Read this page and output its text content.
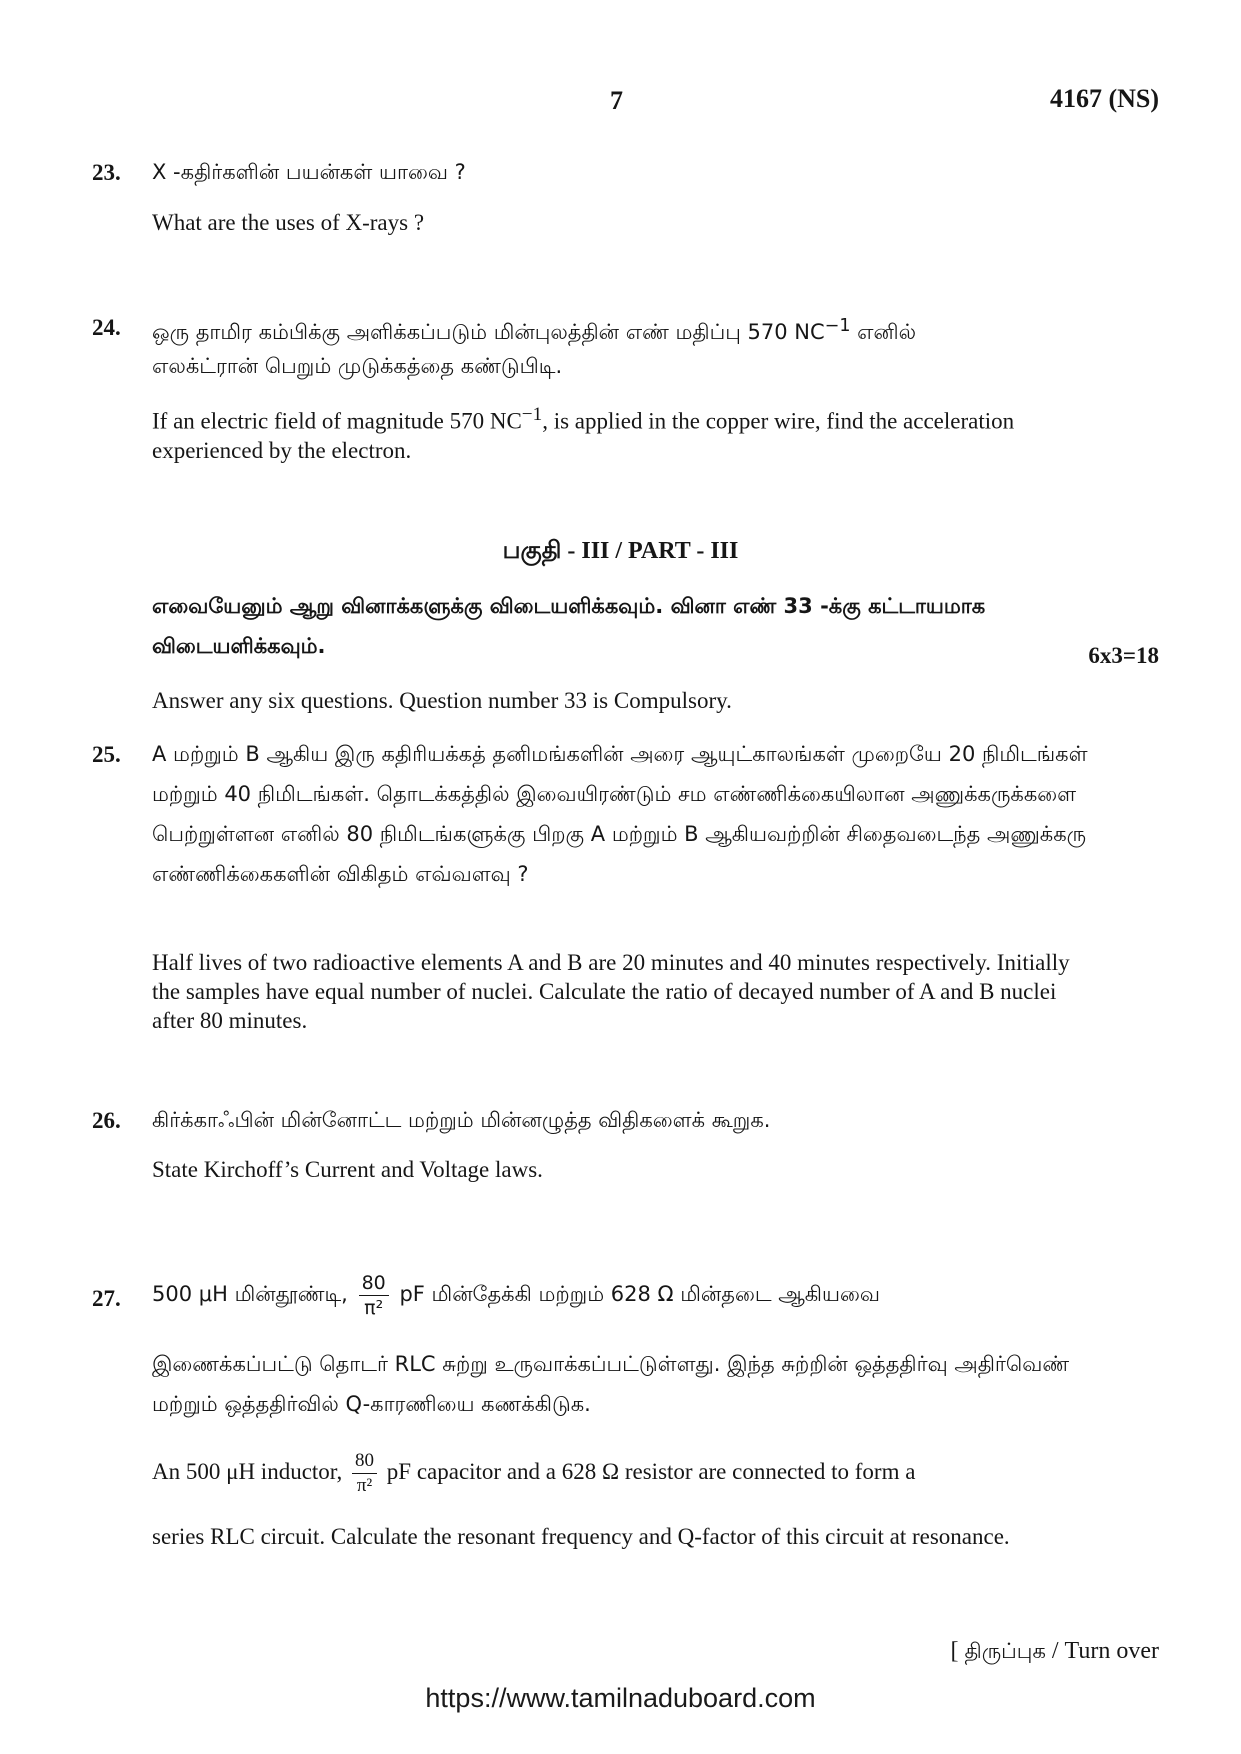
7	4167 (NS)
23. X -கதிர்களின் பயன்கள் யாவை ?
What are the uses of X-rays ?
24. ஒரு தாமிர கம்பிக்கு அளிக்கப்படும் மின்புலத்தின் எண் மதிப்பு 570 $NC^{-1}$ எனில்
எலக்ட்ரான் பெறும் முடுக்கத்தை கண்டுபிடி.
If an electric field of magnitude 570 $NC^{-1}$, is applied in the copper wire, find the acceleration experienced by the electron.
பகுதி - III / PART - III
எவையேனும் ஆறு வினாக்களுக்கு விடையளிக்கவும். வினா எண் 33 -க்கு கட்டாயமாக விடையளிக்கவும்.	6x3=18
Answer any six questions. Question number 33 is Compulsory.
25. A மற்றும் B ஆகிய இரு கதிரியக்கத் தனிமங்களின் அரை ஆயுட்காலங்கள் முறையே 20 நிமிடங்கள் மற்றும் 40 நிமிடங்கள். தொடக்கத்தில் இவையிரண்டும் சம எண்ணிக்கையிலான அணுக்கருக்களை பெற்றுள்ளன எனில் 80 நிமிடங்களுக்கு பிறகு A மற்றும் B ஆகியவற்றின் சிதைவடைந்த அணுக்கரு எண்ணிக்கைகளின் விகிதம் எவ்வளவு ?
Half lives of two radioactive elements A and B are 20 minutes and 40 minutes respectively. Initially the samples have equal number of nuclei. Calculate the ratio of decayed number of A and B nuclei after 80 minutes.
26. கிர்க்காஃபின் மின்னோட்ட மற்றும் மின்னழுத்த விதிகளைக் கூறுக.
State Kirchoff’s Current and Voltage laws.
27. 500 μH மின்தூண்டி, $\frac{80}{\text{π²}}$ pF மின்தேக்கி மற்றும் 628 Ω மின்தடை ஆகியவை
இணைக்கப்பட்டு தொடர் RLC சுற்று உருவாக்கப்பட்டுள்ளது. இந்த சுற்றின் ஒத்ததிர்வு அதிர்வெண் மற்றும் ஒத்ததிர்வில் Q-காரணியை கணக்கிடுக.
An 500 μH inductor, $\frac{80}{\text{π²}}$ pF capacitor and a 628 Ω resistor are connected to form a
series RLC circuit. Calculate the resonant frequency and Q-factor of this circuit at resonance.
[ திருப்புக / Turn over
https://www.tamilnaduboard.com
